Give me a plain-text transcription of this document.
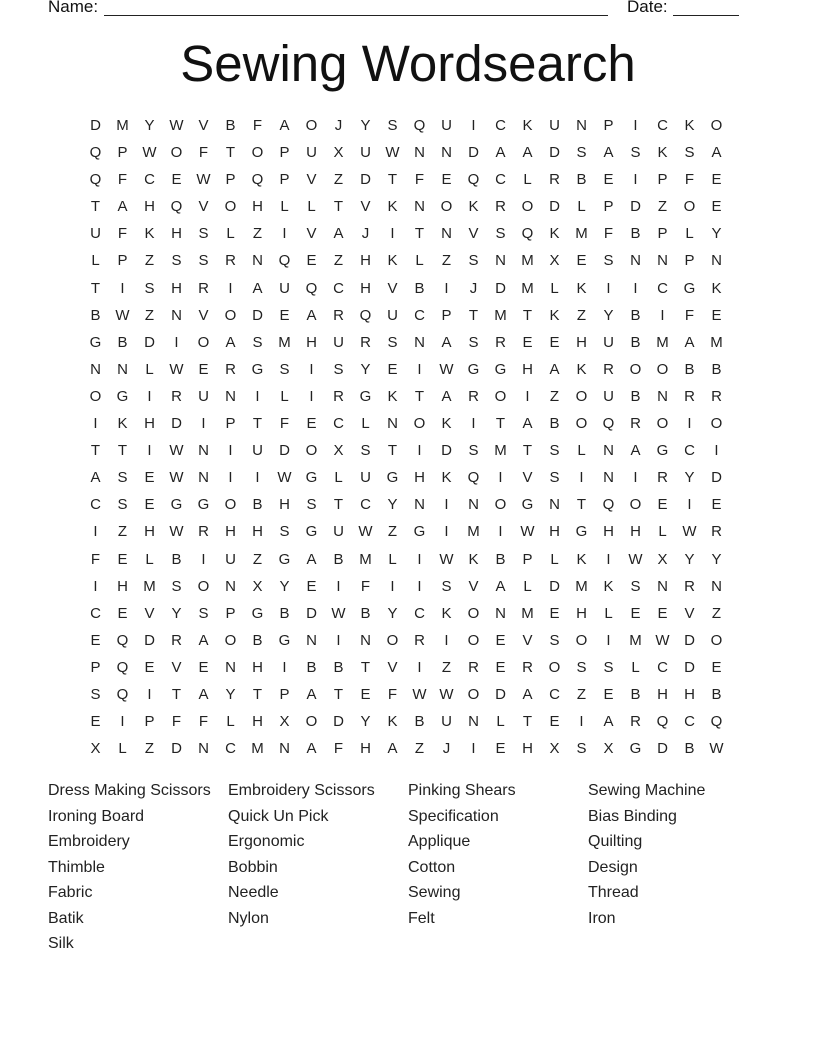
Name:	Date:
Sewing Wordsearch
D	M	Y W V	B	F	A	O	J	Y	S	Q	U	I	C	K	U	N	P	I	C	K	O
Q	P W O	F	T	O	P	U	X	U W N	N	D	A	A	D	S	A	S	K	S	A
Q	F	C	E W P	Q	P	V	Z	D	T	F	E	Q	C	L	R	B	E	I	P	F	E
T	A	H	Q	V	O	H	L	L	T	V	K	N	O	K	R	O	D	L	P	D	Z	O	E
U	F	K	H	S	L	Z	I	V	A	J	I	T	N	V	S	Q	K	M	F	B	P	L	Y
L	P	Z	S	S	R	N	Q	E	Z	H	K	L	Z	S	N	M	X	E	S	N	N	P	N
T	I	S	H	R	I	A	U	Q	C	H	V	B	I	J	D	M	L	K	I	I	C	G	K
B W	Z	N	V	O	D	E	A	R	Q	U	C	P	T	M	T	K	Z	Y	B	I	F	E
G	B	D	I	O	A	S	M	H	U	R	S	N	A	S	R	E	E	H	U	B	M	A	M
N	N	L	W E	R	G	S	I	S	Y	E	I	W G	G	H	A	K	R	O	O	B	B
O	G	I	R	U	N	I	L	I	R	G	K	T	A	R	O	I	Z	O	U	B	N	R	R
I	K	H	D	I	P	T	F	E	C	L	N	O	K	I	T	A	B	O	Q	R	O	I	O
T	T	I	W N	I	U	D	O	X	S	T	I	D	S	M	T	S	L	N	A	G	C	I
A	S	E W N	I	I	W G	L	U	G	H	K	Q	I	V	S	I	N	I	R	Y	D
C	S	E	G	G	O	B	H	S	T	C	Y	N	I	N	O	G	N	T	Q	O	E	I	E
I	Z	H W R	H	H	S	G	U W	Z	G	I	M	I	W H	G	H	H	L	W R
F	E	L	B	I	U	Z	G	A	B	M	L	I	W K	B	P	L	K	I	W X	Y	Y
I	H	M	S	O	N	X	Y	E	I	F	I	I	S	V	A	L	D	M	K	S	N	R	N
C	E	V	Y	S	P	G	B	D W B	Y	C	K	O	N	M	E	H	L	E	E	V	Z
E	Q	D	R	A	O	B	G	N	I	N	O	R	I	O	E	V	S	O	I	M W D	O
P	Q	E	V	E	N	H	I	B	B	T	V	I	Z	R	E	R	O	S	S	L	C	D	E
S	Q	I	T	A	Y	T	P	A	T	E	F	W W O	D	A	C	Z	E	B	H	H	B
E	I	P	F	F	L	H	X	O	D	Y	K	B	U	N	L	T	E	I	A	R	Q	C	Q
X	L	Z	D	N	C	M	N	A	F	H	A	Z	J	I	E	H	X	S	X	G	D	B W
Dress Making Scissors	Embroidery Scissors	Pinking Shears	Sewing Machine
Ironing Board	Quick Un Pick	Specification	Bias Binding
Embroidery	Ergonomic	Applique	Quilting
Thimble	Bobbin	Cotton	Design
Fabric	Needle	Sewing	Thread
Batik	Nylon	Felt	Iron
Silk
